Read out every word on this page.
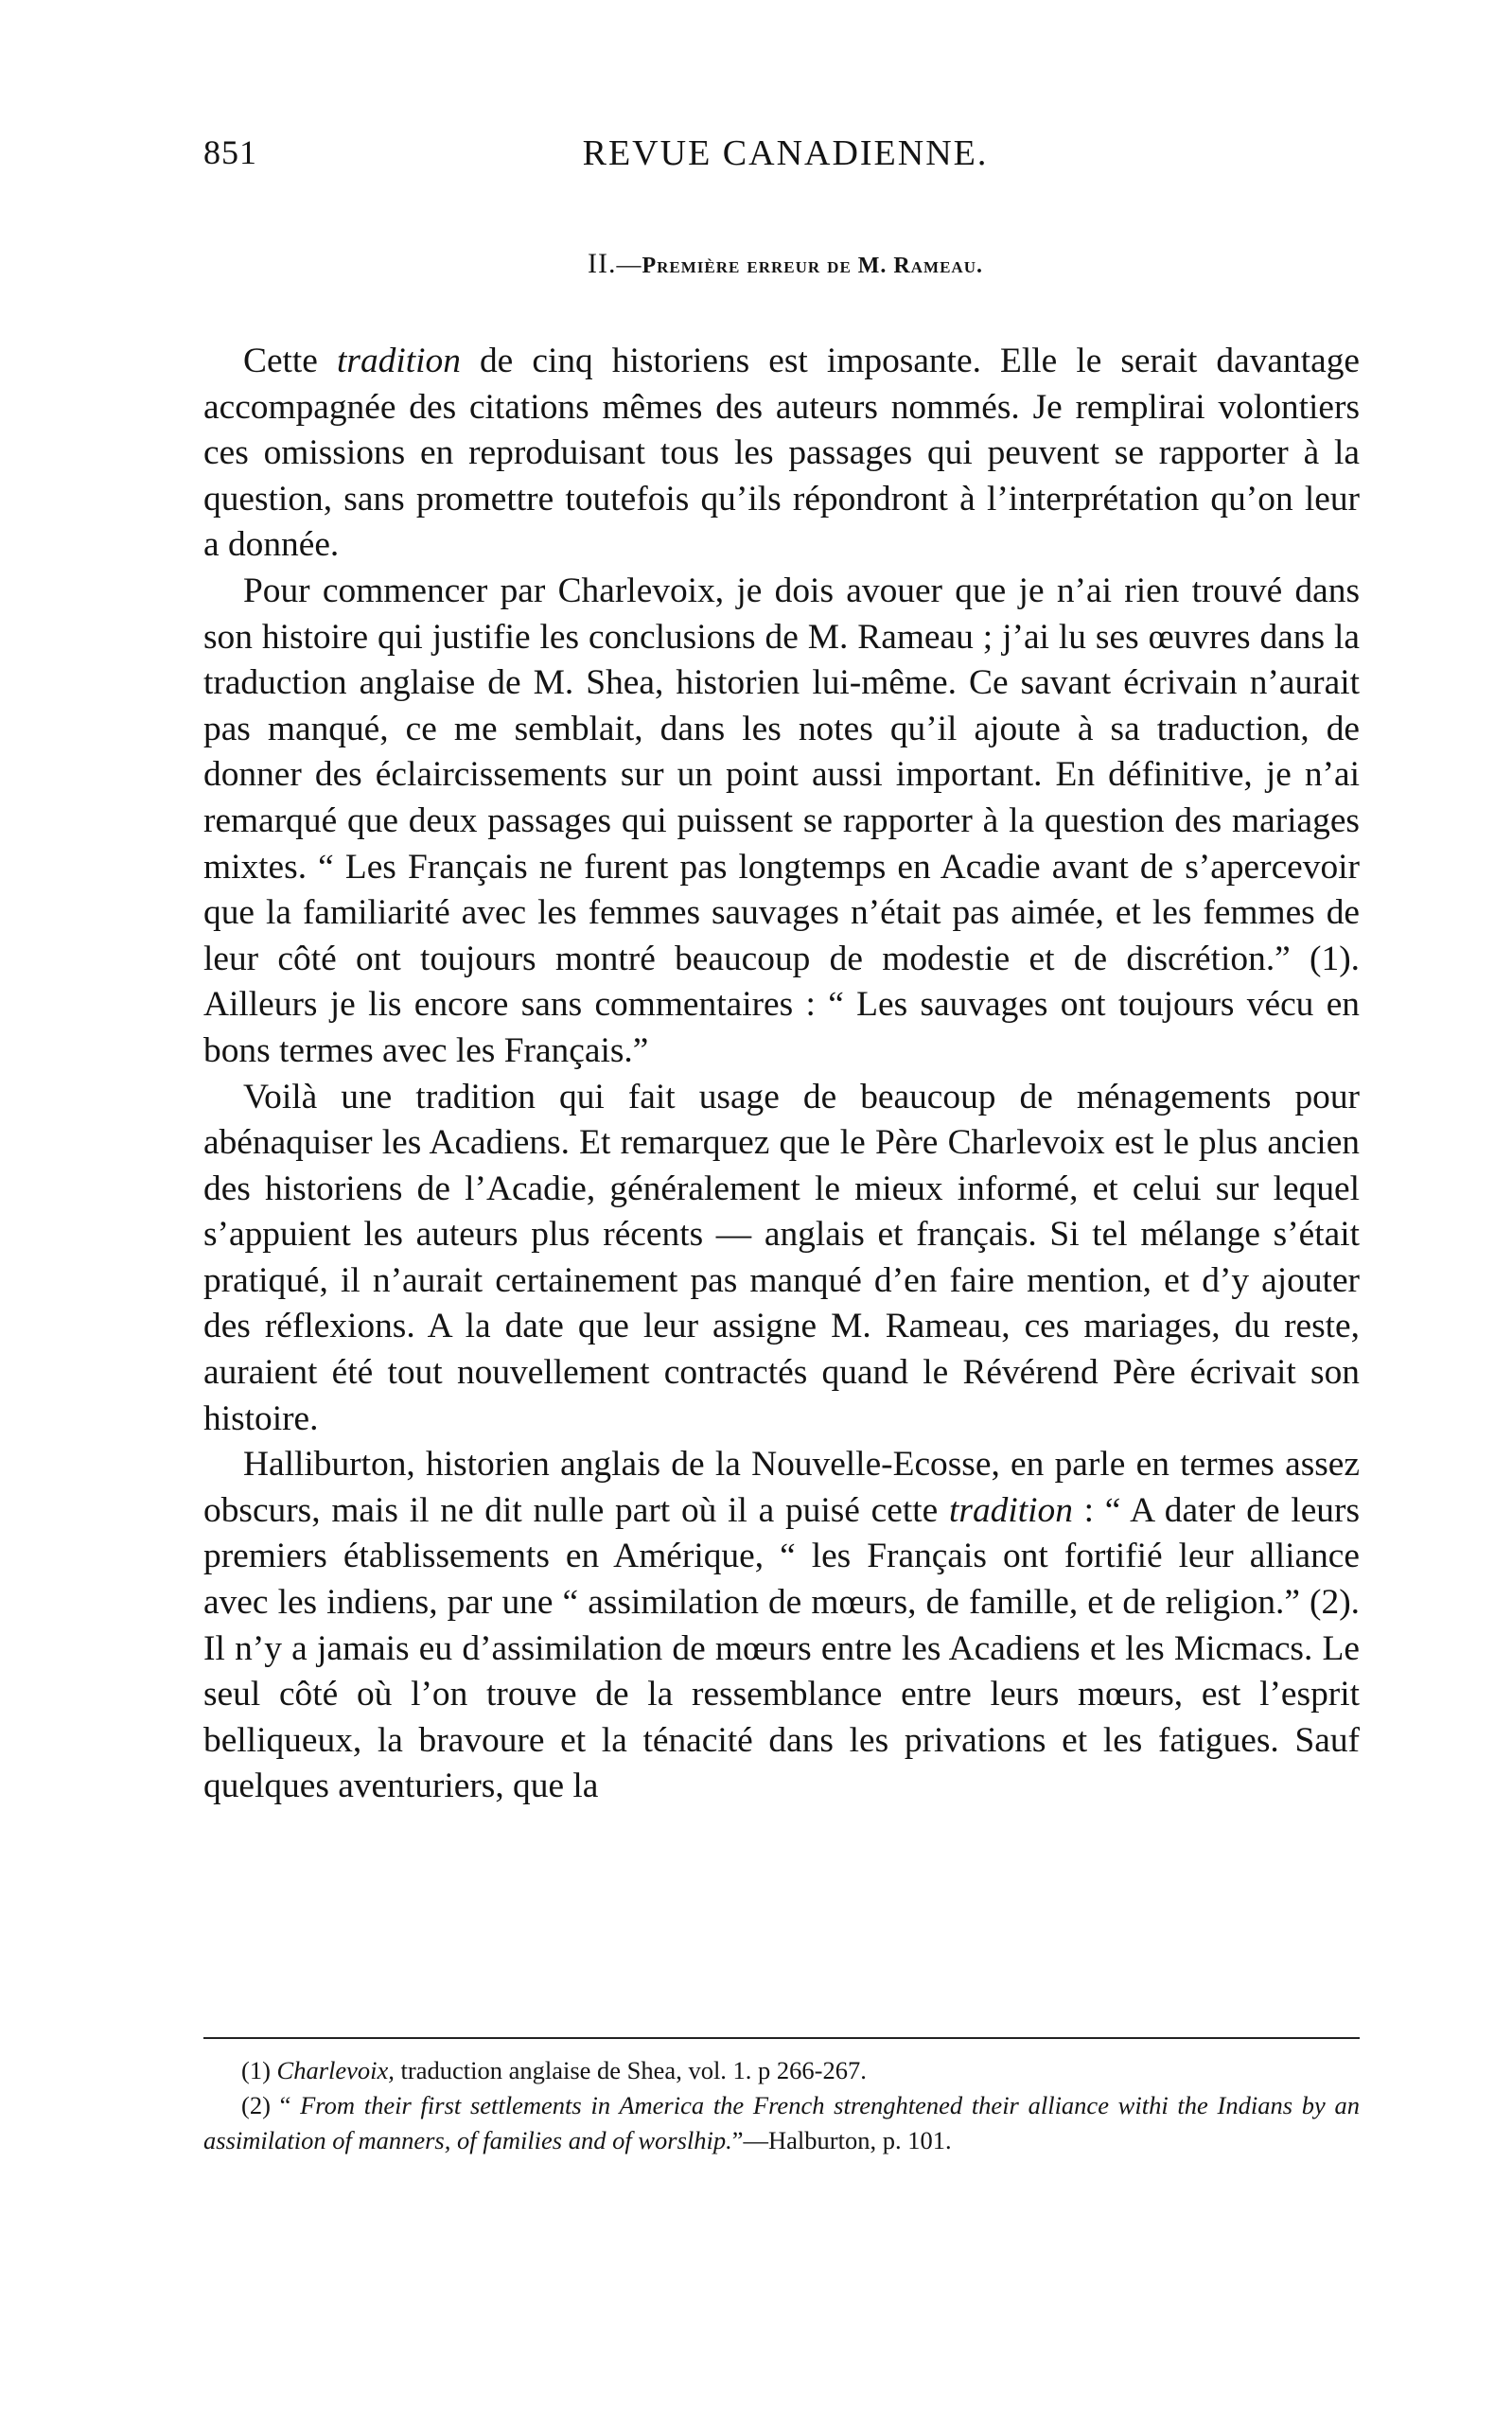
851	REVUE CANADIENNE.
II.—Première erreur de M. Rameau.

Cette tradition de cinq historiens est imposante. Elle le serait davantage accompagnée des citations mêmes des auteurs nommés. Je remplirai volontiers ces omissions en reproduisant tous les passages qui peuvent se rapporter à la question, sans promettre toutefois qu’ils répondront à l’interprétation qu’on leur a donnée.

Pour commencer par Charlevoix, je dois avouer que je n’ai rien trouvé dans son histoire qui justifie les conclusions de M. Rameau ; j’ai lu ses œuvres dans la traduction anglaise de M. Shea, historien lui-même. Ce savant écrivain n’aurait pas manqué, ce me semblait, dans les notes qu’il ajoute à sa traduction, de donner des éclaircissements sur un point aussi important. En définitive, je n’ai remarqué que deux passages qui puissent se rapporter à la question des mariages mixtes. “ Les Français ne furent pas longtemps en Acadie avant de s’apercevoir que la familiarité avec les femmes sauvages n’était pas aimée, et les femmes de leur côté ont toujours montré beaucoup de modestie et de discrétion.” (1). Ailleurs je lis encore sans commentaires : “ Les sauvages ont toujours vécu en bons termes avec les Français.”

Voilà une tradition qui fait usage de beaucoup de ménagements pour abénaquiser les Acadiens. Et remarquez que le Père Charlevoix est le plus ancien des historiens de l’Acadie, généralement le mieux informé, et celui sur lequel s’appuient les auteurs plus récents — anglais et français. Si tel mélange s’était pratiqué, il n’aurait certainement pas manqué d’en faire mention, et d’y ajouter des réflexions. A la date que leur assigne M. Rameau, ces mariages, du reste, auraient été tout nouvellement contractés quand le Révérend Père écrivait son histoire.

Halliburton, historien anglais de la Nouvelle-Ecosse, en parle en termes assez obscurs, mais il ne dit nulle part où il a puisé cette tradition : “ A dater de leurs premiers établissements en Amérique, “ les Français ont fortifié leur alliance avec les indiens, par une “ assimilation de mœurs, de famille, et de religion.” (2). Il n’y a jamais eu d’assimilation de mœurs entre les Acadiens et les Micmacs. Le seul côté où l’on trouve de la ressemblance entre leurs mœurs, est l’esprit belliqueux, la bravoure et la ténacité dans les privations et les fatigues. Sauf quelques aventuriers, que la

(1) Charlevoix, traduction anglaise de Shea, vol. 1. p 266-267.

(2) “ From their first settlements in America the French strenghtened their alliance withi the Indians by an assimilation of manners, of families and of worslhip.”—Halburton, p. 101.
